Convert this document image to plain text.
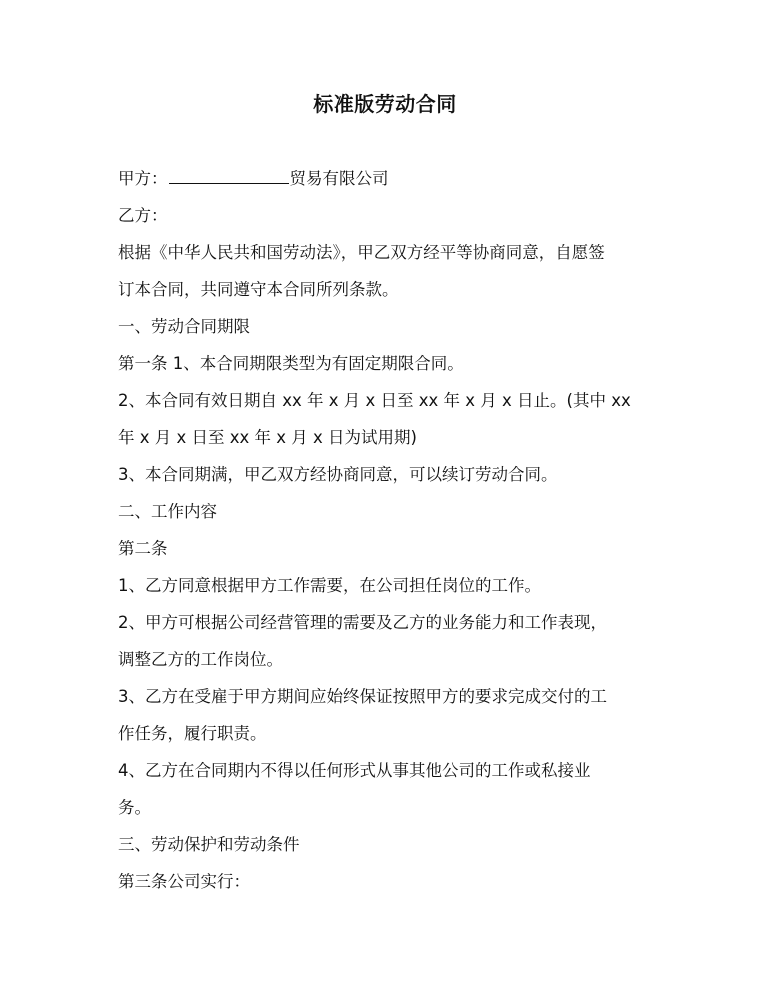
标准版劳动合同
甲方：	贸易有限公司
乙方：
根据《中华人民共和国劳动法》，甲乙双方经平等协商同意，自愿签
订本合同，共同遵守本合同所列条款。
一、劳动合同期限
第一条 1、本合同期限类型为有固定期限合同。
2、本合同有效日期自 xx 年 x 月 x 日至 xx 年 x 月 x 日止。(其中 xx
年 x 月 x 日至 xx 年 x 月 x 日为试用期)
3、本合同期满，甲乙双方经协商同意，可以续订劳动合同。
二、工作内容
第二条
1、乙方同意根据甲方工作需要，在公司担任岗位的工作。
2、甲方可根据公司经营管理的需要及乙方的业务能力和工作表现，
调整乙方的工作岗位。
3、乙方在受雇于甲方期间应始终保证按照甲方的要求完成交付的工
作任务，履行职责。
4、乙方在合同期内不得以任何形式从事其他公司的工作或私接业
务。
三、劳动保护和劳动条件
第三条公司实行：
